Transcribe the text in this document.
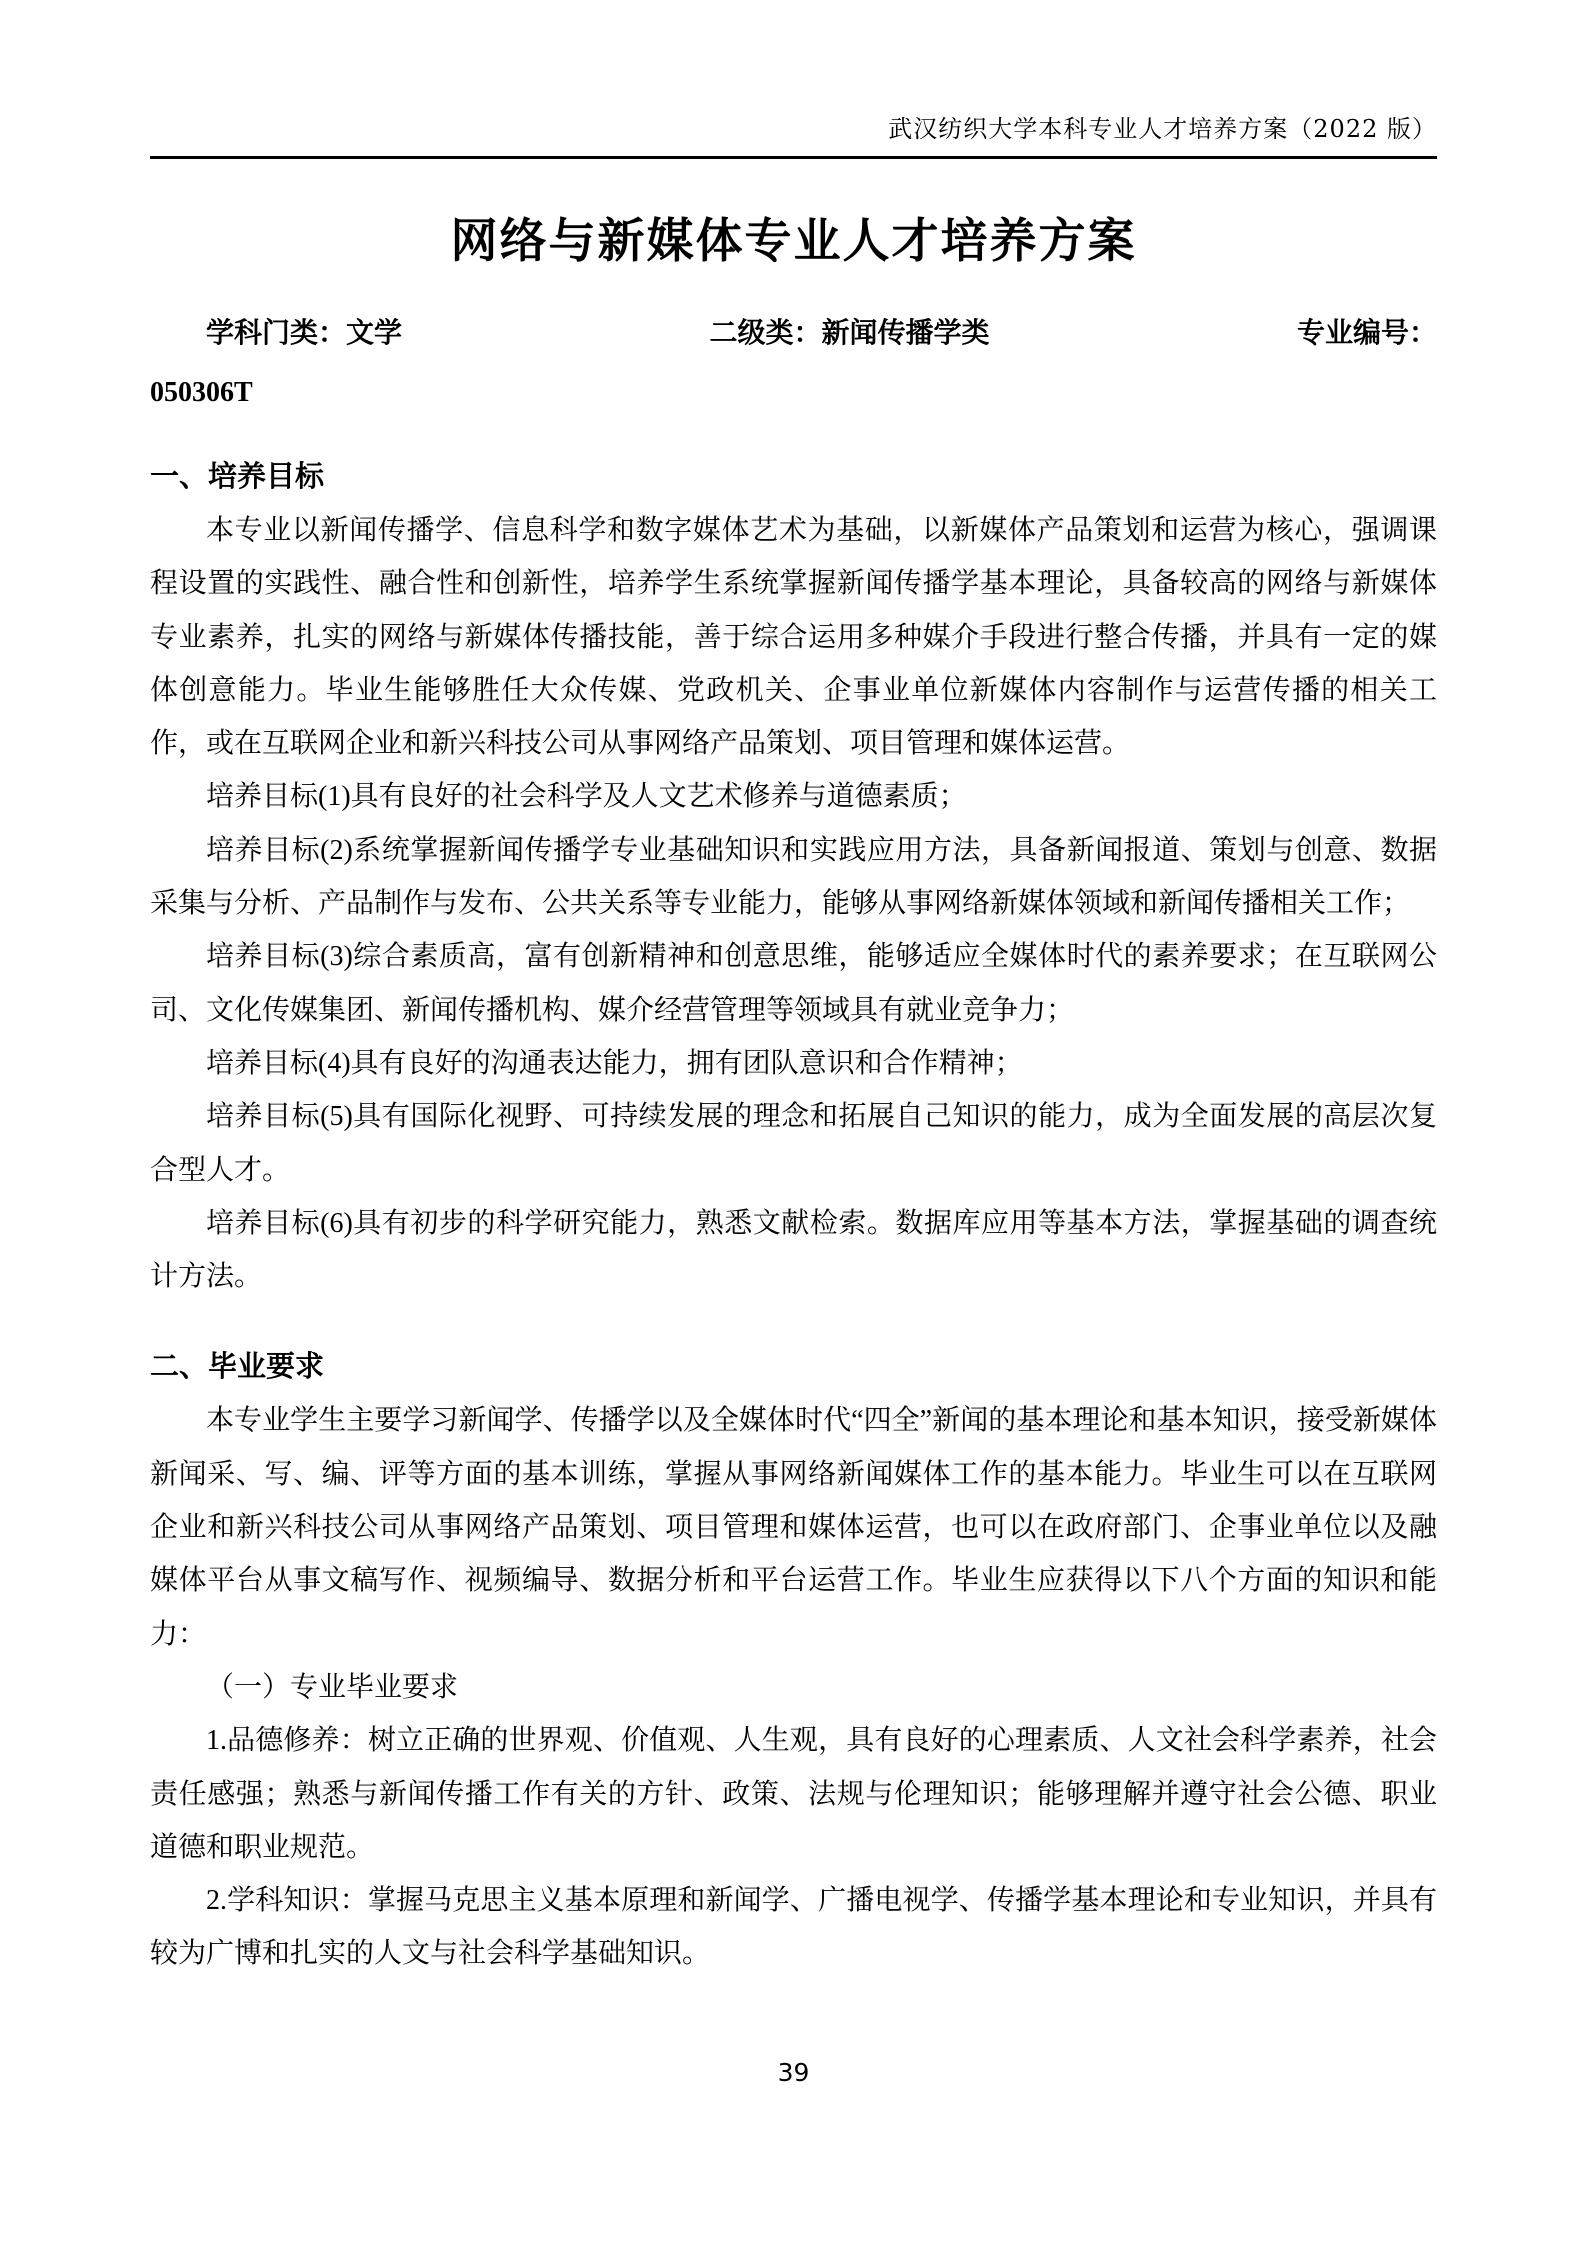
武汉纺织大学本科专业人才培养方案（2022 版）
网络与新媒体专业人才培养方案
学科门类：文学	二级类：新闻传播学类	专业编号：
050306T
一、培养目标

本专业以新闻传播学、信息科学和数字媒体艺术为基础，以新媒体产品策划和运营为核心，强调课程设置的实践性、融合性和创新性，培养学生系统掌握新闻传播学基本理论，具备较高的网络与新媒体专业素养，扎实的网络与新媒体传播技能，善于综合运用多种媒介手段进行整合传播，并具有一定的媒体创意能力。毕业生能够胜任大众传媒、党政机关、企事业单位新媒体内容制作与运营传播的相关工作，或在互联网企业和新兴科技公司从事网络产品策划、项目管理和媒体运营。

培养目标(1)具有良好的社会科学及人文艺术修养与道德素质；

培养目标(2)系统掌握新闻传播学专业基础知识和实践应用方法，具备新闻报道、策划与创意、数据采集与分析、产品制作与发布、公共关系等专业能力，能够从事网络新媒体领域和新闻传播相关工作；

培养目标(3)综合素质高，富有创新精神和创意思维，能够适应全媒体时代的素养要求；在互联网公司、文化传媒集团、新闻传播机构、媒介经营管理等领域具有就业竞争力；

培养目标(4)具有良好的沟通表达能力，拥有团队意识和合作精神；

培养目标(5)具有国际化视野、可持续发展的理念和拓展自己知识的能力，成为全面发展的高层次复合型人才。

培养目标(6)具有初步的科学研究能力，熟悉文献检索。数据库应用等基本方法，掌握基础的调查统计方法。

二、毕业要求

本专业学生主要学习新闻学、传播学以及全媒体时代“四全”新闻的基本理论和基本知识，接受新媒体新闻采、写、编、评等方面的基本训练，掌握从事网络新闻媒体工作的基本能力。毕业生可以在互联网企业和新兴科技公司从事网络产品策划、项目管理和媒体运营，也可以在政府部门、企事业单位以及融媒体平台从事文稿写作、视频编导、数据分析和平台运营工作。毕业生应获得以下八个方面的知识和能力：

（一）专业毕业要求

1.品德修养：树立正确的世界观、价值观、人生观，具有良好的心理素质、人文社会科学素养，社会责任感强；熟悉与新闻传播工作有关的方针、政策、法规与伦理知识；能够理解并遵守社会公德、职业道德和职业规范。

2.学科知识：掌握马克思主义基本原理和新闻学、广播电视学、传播学基本理论和专业知识，并具有较为广博和扎实的人文与社会科学基础知识。

39
